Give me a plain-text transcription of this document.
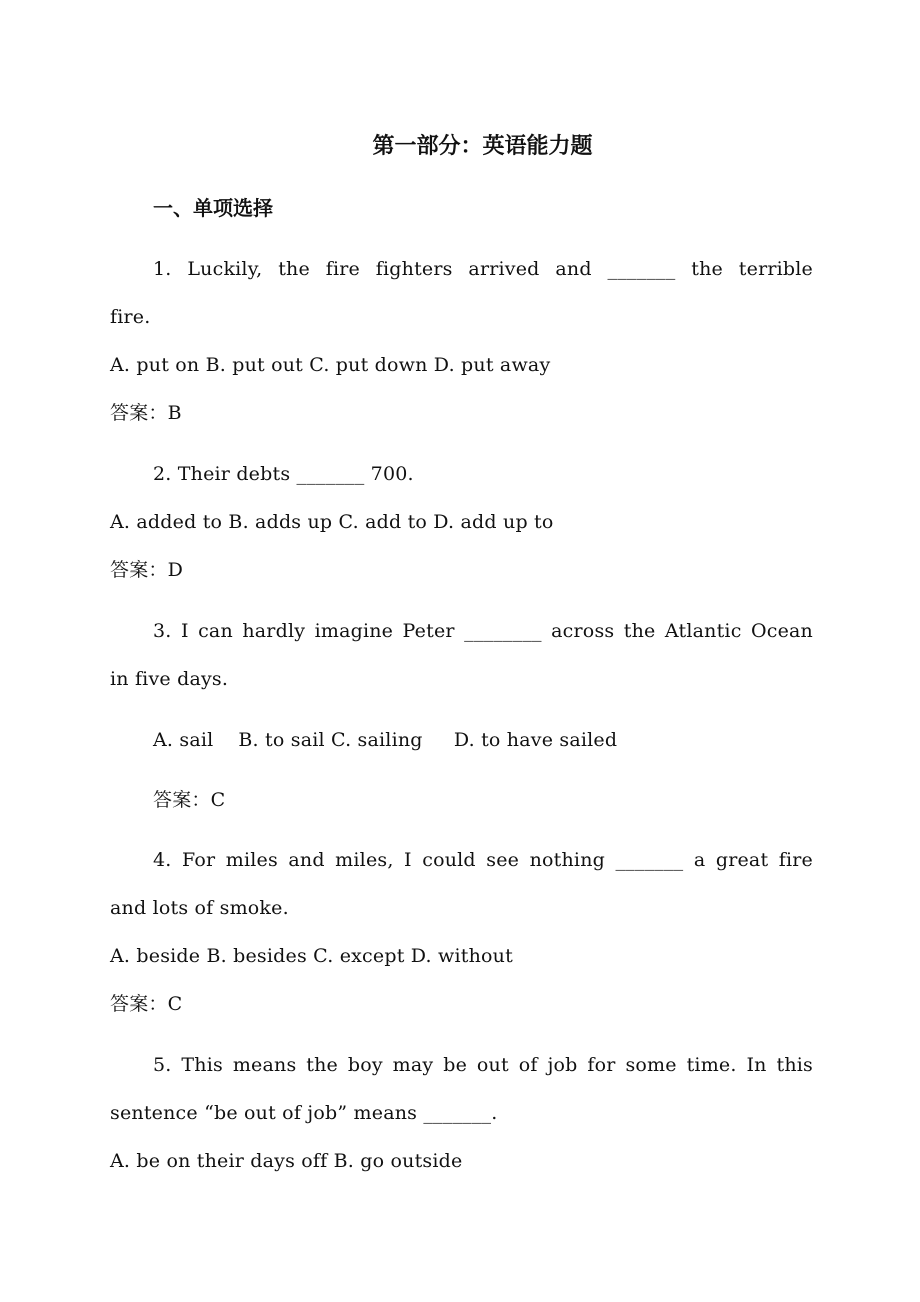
第一部分：英语能力题
一、单项选择
1. Luckily, the fire fighters arrived and _______ the terrible
fire.
A. put on B. put out C. put down D. put away
答案：B
2. Their debts _______ 700.
A. added to B. adds up C. add to D. add up to
答案：D
3. I can hardly imagine Peter ________ across the Atlantic Ocean
in five days.
A. sail    B. to sail C. sailing     D. to have sailed
答案：C
4. For miles and miles, I could see nothing _______ a great fire
and lots of smoke.
A. beside B. besides C. except D. without
答案：C
5. This means the boy may be out of job for some time. In this
sentence “be out of job” means _______.
A. be on their days off B. go outside
